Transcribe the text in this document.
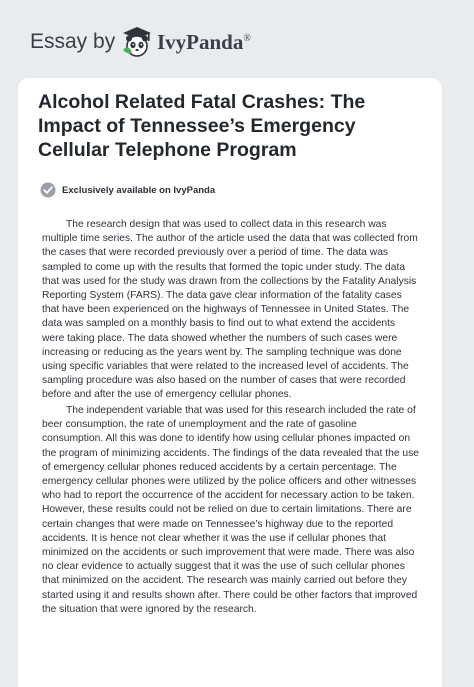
Essay by IvyPanda®
Alcohol Related Fatal Crashes: The Impact of Tennessee’s Emergency Cellular Telephone Program
Exclusively available on IvyPanda

The research design that was used to collect data in this research was multiple time series. The author of the article used the data that was collected from the cases that were recorded previously over a period of time. The data was sampled to come up with the results that formed the topic under study. The data that was used for the study was drawn from the collections by the Fatality Analysis Reporting System (FARS). The data gave clear information of the fatality cases that have been experienced on the highways of Tennessee in United States. The data was sampled on a monthly basis to find out to what extend the accidents were taking place. The data showed whether the numbers of such cases were increasing or reducing as the years went by. The sampling technique was done using specific variables that were related to the increased level of accidents. The sampling procedure was also based on the number of cases that were recorded before and after the use of emergency cellular phones.

The independent variable that was used for this research included the rate of beer consumption, the rate of unemployment and the rate of gasoline consumption. All this was done to identify how using cellular phones impacted on the program of minimizing accidents. The findings of the data revealed that the use of emergency cellular phones reduced accidents by a certain percentage. The emergency cellular phones were utilized by the police officers and other witnesses who had to report the occurrence of the accident for necessary action to be taken. However, these results could not be relied on due to certain limitations. There are certain changes that were made on Tennessee’s highway due to the reported accidents. It is hence not clear whether it was the use if cellular phones that minimized on the accidents or such improvement that were made. There was also no clear evidence to actually suggest that it was the use of such cellular phones that minimized on the accident. The research was mainly carried out before they started using it and results shown after. There could be other factors that improved the situation that were ignored by the research.
